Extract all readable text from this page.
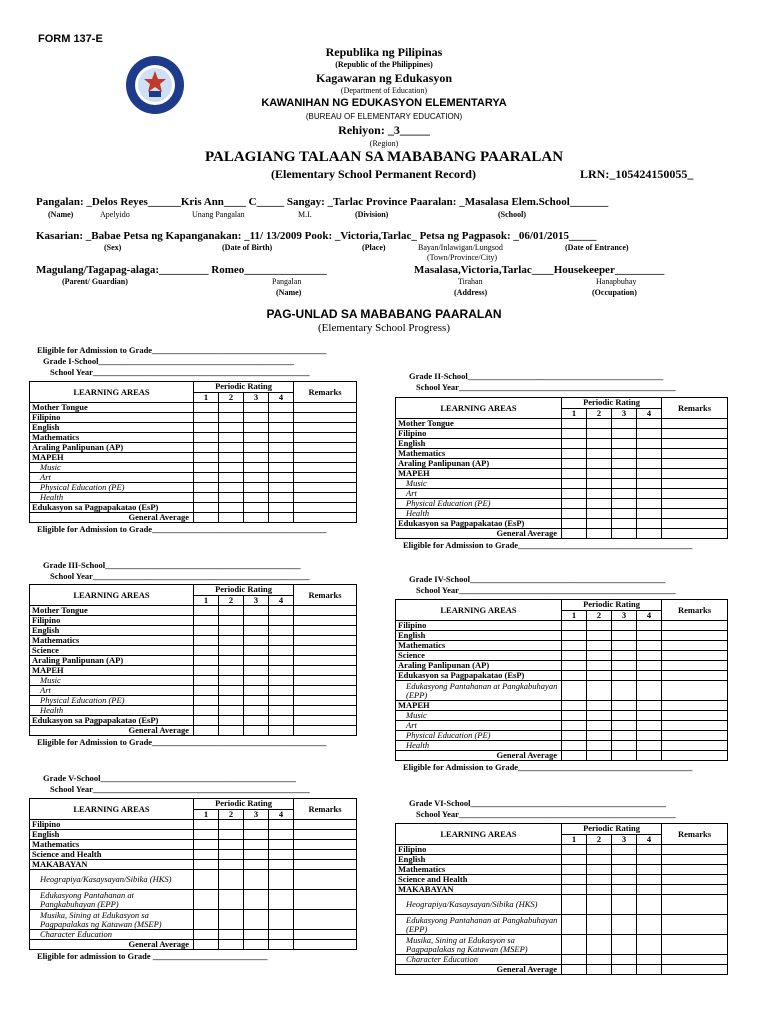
FORM 137-E
Republika ng Pilipinas
(Republic of the Philippines)
Kagawaran ng Edukasyon
(Department of Education)
KAWANIHAN NG EDUKASYON ELEMENTARYA
(BUREAU OF ELEMENTARY EDUCATION)
Rehiyon: _3_____
(Region)
PALAGIANG TALAAN SA MABABANG PAARALAN
(Elementary School Permanent Record)	LRN:_105424150055_
Pangalan: _Delos Reyes______Kris Ann____ C_____ Sangay: _Tarlac Province Paaralan: _Masalasa Elem.School_______
(Name)	Apelyido	Unang Pangalan	M.I.	(Division)	(School)
Kasarian: _Babae Petsa ng Kapanganakan: _11/ 13/2009 Pook: _Victoria,Tarlac_ Petsa ng Pagpasok: _06/01/2015_____
(Sex)	(Date of Birth)	(Place)	Bayan/Inlawigan/Lungsod	(Date of Entrance)
(Town/Province/City)
Magulang/Tagapag-alaga:_________ Romeo_______________	Masalasa,Victoria,Tarlac____Housekeeper_________
(Parent/ Guardian)	Pangalan	Tirahan	Hanapbuhay
(Name)	(Address)	(Occupation)
PAG-UNLAD SA MABABANG PAARALAN
(Elementary School Progress)
Eligible for Admission to Grade_________________________________________
Grade I-School______________________________________________
School Year___________________________________________________
LEARNING AREAS	Periodic Rating				Remarks
	1	2	3	4	
Mother Tongue					
Filipino					
English					
Mathematics					
Araling Panlipunan (AP)					
MAPEH					
Music					
Art					
Physical Education (PE)					
Health					
Edukasyon sa Pagpapakatao (EsP)					
General Average					
Eligible for Admission to Grade_________________________________________
Grade II-School______________________________________________
School Year___________________________________________________
LEARNING AREAS	Periodic Rating				Remarks
	1	2	3	4	
Mother Tongue					
Filipino					
English					
Mathematics					
Araling Panlipunan (AP)					
MAPEH					
Music					
Art					
Physical Education (PE)					
Health					
Edukasyon sa Pagpapakatao (EsP)					
General Average					
Eligible for Admission to Grade_________________________________________
Grade III-School______________________________________________
School Year___________________________________________________
LEARNING AREAS	Periodic Rating				Remarks
	1	2	3	4	
Mother Tongue					
Filipino					
English					
Mathematics					
Science					
Araling Panlipunan (AP)					
MAPEH					
Music					
Art					
Physical Education (PE)					
Health					
Edukasyon sa Pagpapakatao (EsP)					
General Average					
Eligible for Admission to Grade_________________________________________
Grade IV-School______________________________________________
School Year___________________________________________________
LEARNING AREAS	Periodic Rating				Remarks
	1	2	3	4	
Filipino					
English					
Mathematics					
Science					
Araling Panlipunan (AP)					
Edukasyon sa Pagpapakatao (EsP)					
Edukasyong Pantahanan at Pangkabuhayan (EPP)					
MAPEH					
Music					
Art					
Physical Education (PE)					
Health					
General Average					
Eligible for Admission to Grade_________________________________________
Grade V-School______________________________________________
School Year___________________________________________________
LEARNING AREAS	Periodic Rating				Remarks
	1	2	3	4	
Filipino					
English					
Mathematics					
Science and Health					
MAKABAYAN					
Heograpiya/Kasaysayan/Sibika (HKS)					
Edukasyong Pantahanan at Pangkabuhayan (EPP)					
Musika, Sining at Edukasyon sa Pagpapalakas ng Katawan (MSEP)					
Character Education					
General Average					
Eligible for admission to Grade ___________________________
Grade VI-School______________________________________________
School Year___________________________________________________
LEARNING AREAS	Periodic Rating				Remarks
	1	2	3	4	
Filipino					
English					
Mathematics					
Science and Health					
MAKABAYAN					
Heograpiya/Kasaysayan/Sibika (HKS)					
Edukasyong Pantahanan at Pangkabuhayan (EPP)					
Musika, Sining at Edukasyon sa Pagpapalakas ng Katawan (MSEP)					
Character Education					
General Average					
